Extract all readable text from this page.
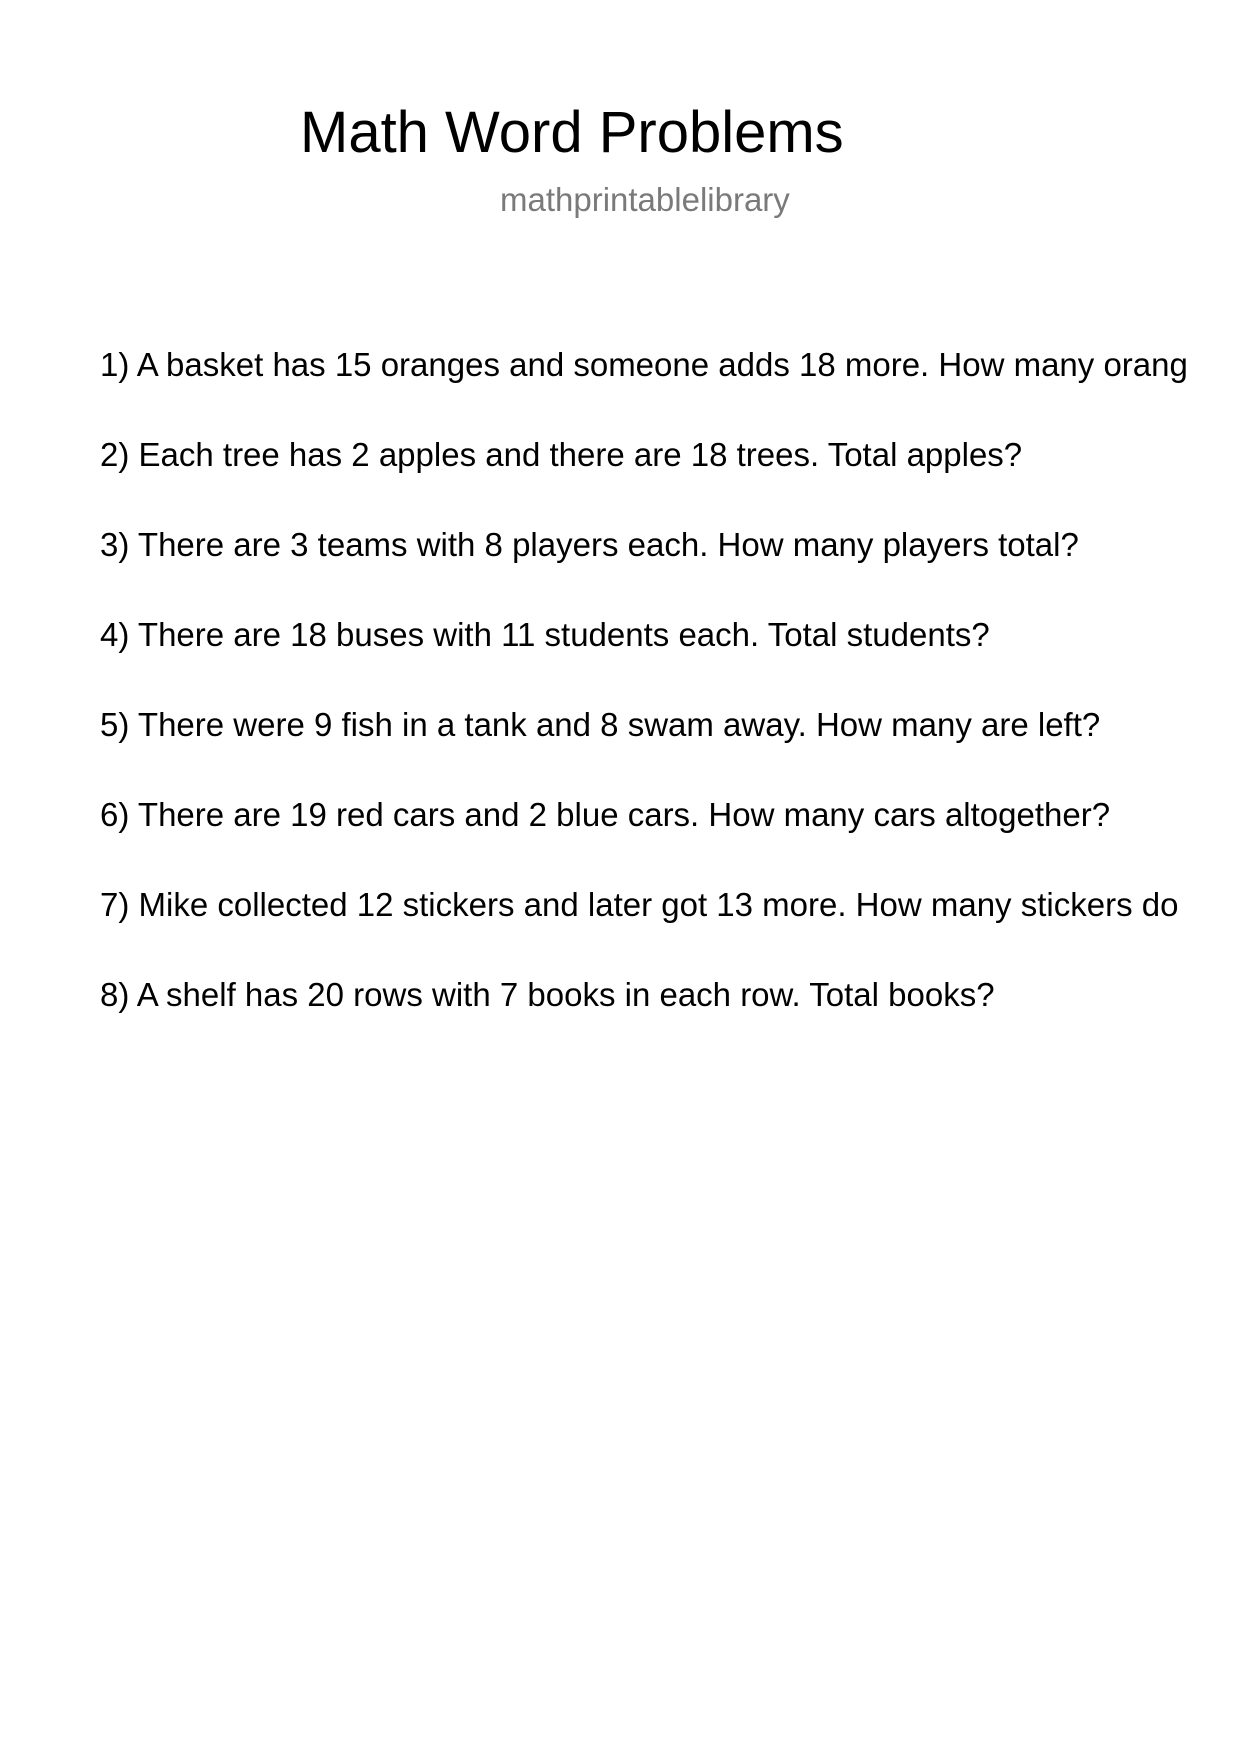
Math Word Problems
mathprintablelibrary
1) A basket has 15 oranges and someone adds 18 more. How many orang
2) Each tree has 2 apples and there are 18 trees. Total apples?
3) There are 3 teams with 8 players each. How many players total?
4) There are 18 buses with 11 students each. Total students?
5) There were 9 fish in a tank and 8 swam away. How many are left?
6) There are 19 red cars and 2 blue cars. How many cars altogether?
7) Mike collected 12 stickers and later got 13 more. How many stickers do
8) A shelf has 20 rows with 7 books in each row. Total books?
